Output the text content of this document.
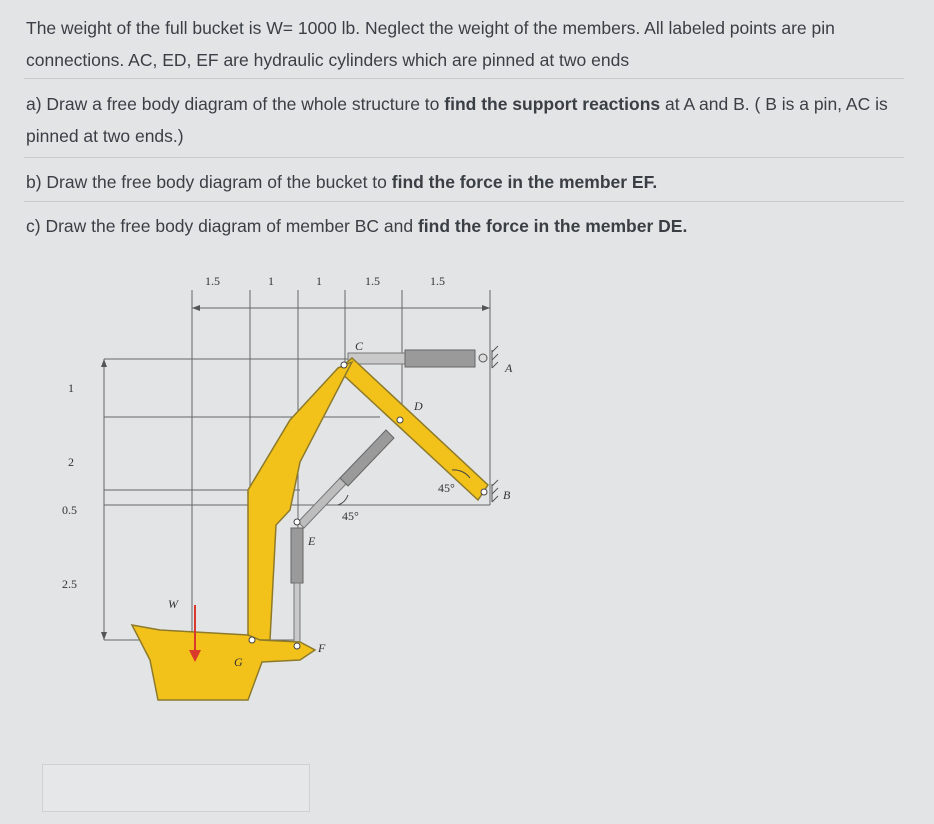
The weight of the full bucket is W= 1000 lb. Neglect the weight of the members. All labeled points are pin connections. AC, ED, EF are hydraulic cylinders which are pinned at two ends
a) Draw a free body diagram of the whole structure to find the support reactions at A and B. ( B is a pin, AC is pinned at two ends.)
b) Draw the free body diagram of the bucket to find the force in the member EF.
c) Draw the free body diagram of member BC and find the force in the member DE.
1.5	1	1	1.5	1.5
1
2
0.5
2.5
C
A
D
B
E
F
G
W
45°
45°
